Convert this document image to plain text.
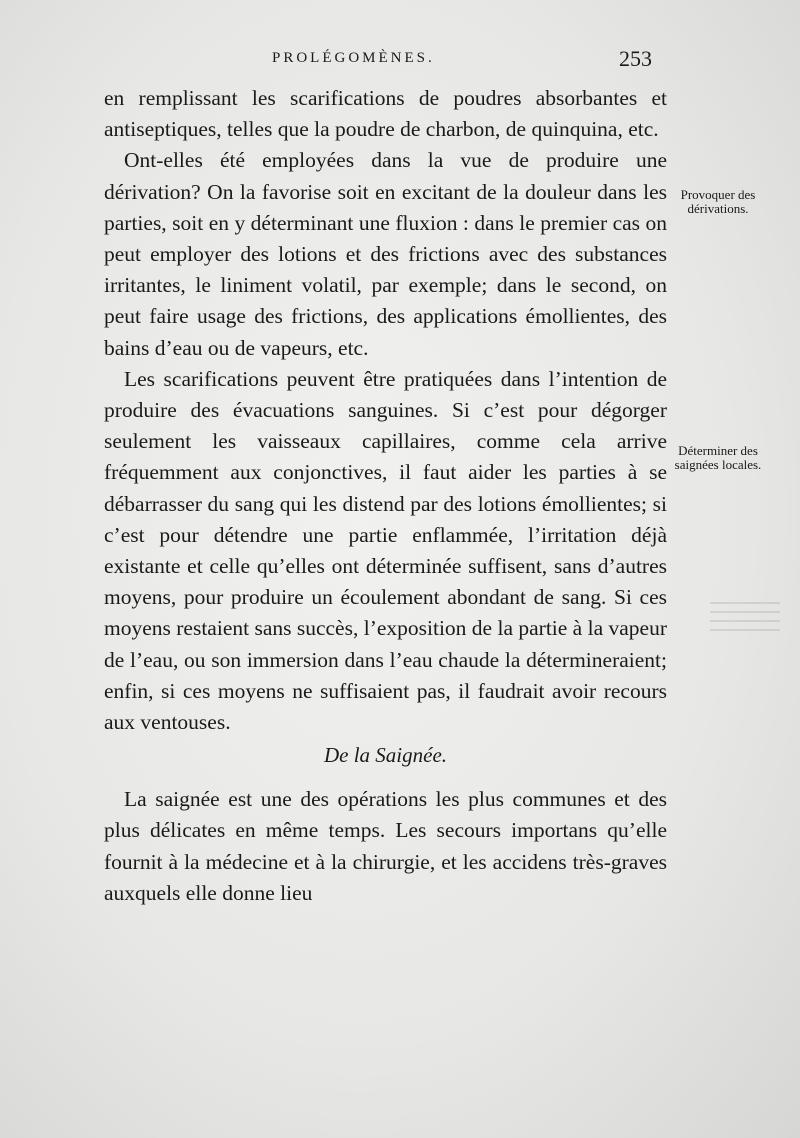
PROLÉGOMÈNES.	253
Provoquer des dérivations.
Déterminer des saignées locales.

en remplissant les scarifications de poudres absorbantes et antiseptiques, telles que la poudre de charbon, de quinquina, etc.

Ont-elles été employées dans la vue de produire une dérivation? On la favorise soit en excitant de la douleur dans les parties, soit en y déterminant une fluxion : dans le premier cas on peut employer des lotions et des frictions avec des substances irritantes, le liniment volatil, par exemple; dans le second, on peut faire usage des frictions, des applications émollientes, des bains d’eau ou de vapeurs, etc.

Les scarifications peuvent être pratiquées dans l’intention de produire des évacuations sanguines. Si c’est pour dégorger seulement les vaisseaux capillaires, comme cela arrive fréquemment aux conjonctives, il faut aider les parties à se débarrasser du sang qui les distend par des lotions émollientes; si c’est pour détendre une partie enflammée, l’irritation déjà existante et celle qu’elles ont déterminée suffisent, sans d’autres moyens, pour produire un écoulement abondant de sang. Si ces moyens restaient sans succès, l’exposition de la partie à la vapeur de l’eau, ou son immersion dans l’eau chaude la détermineraient; enfin, si ces moyens ne suffisaient pas, il faudrait avoir recours aux ventouses.

De la Saignée.

La saignée est une des opérations les plus communes et des plus délicates en même temps. Les secours importans qu’elle fournit à la médecine et à la chirurgie, et les accidens très-graves auxquels elle donne lieu
